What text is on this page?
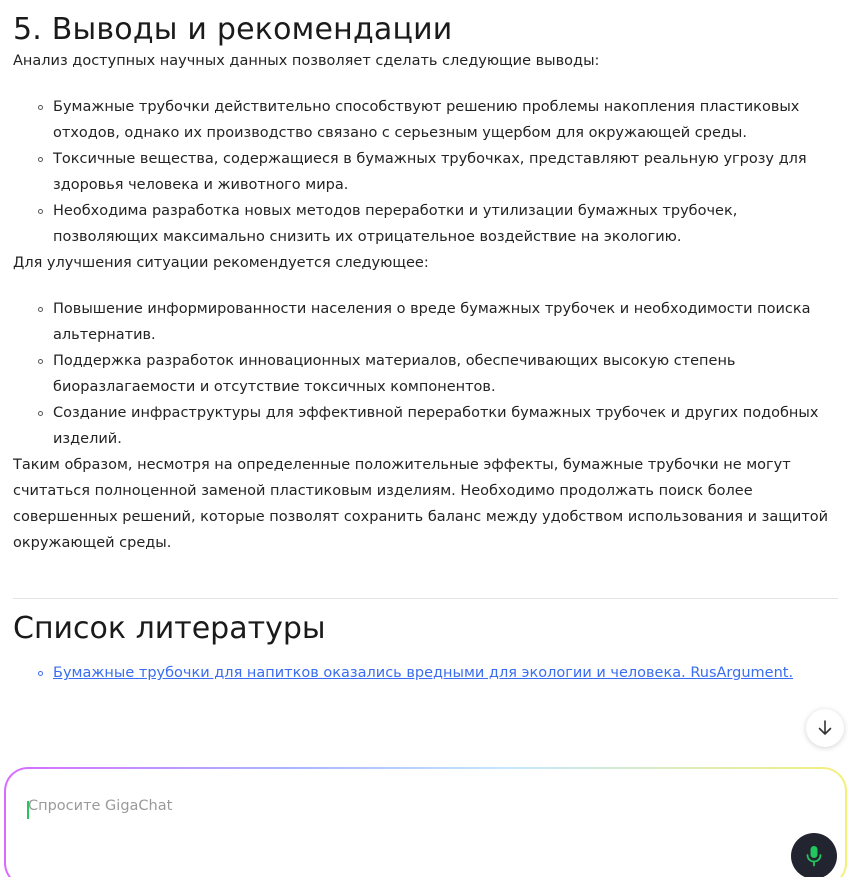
5. Выводы и рекомендации

Анализ доступных научных данных позволяет сделать следующие выводы:

Бумажные трубочки действительно способствуют решению проблемы накопления пластиковых отходов, однако их производство связано с серьезным ущербом для окружающей среды.
Токсичные вещества, содержащиеся в бумажных трубочках, представляют реальную угрозу для здоровья человека и животного мира.
Необходима разработка новых методов переработки и утилизации бумажных трубочек, позволяющих максимально снизить их отрицательное воздействие на экологию.

Для улучшения ситуации рекомендуется следующее:

Повышение информированности населения о вреде бумажных трубочек и необходимости поиска альтернатив.
Поддержка разработок инновационных материалов, обеспечивающих высокую степень биоразлагаемости и отсутствие токсичных компонентов.
Создание инфраструктуры для эффективной переработки бумажных трубочек и других подобных изделий.

Таким образом, несмотря на определенные положительные эффекты, бумажные трубочки не могут считаться полноценной заменой пластиковым изделиям. Необходимо продолжать поиск более совершенных решений, которые позволят сохранить баланс между удобством использования и защитой окружающей среды.

Список литературы
Бумажные трубочки для напитков оказались вредными для экологии и человека. RusArgument.
Спросите GigaChat
